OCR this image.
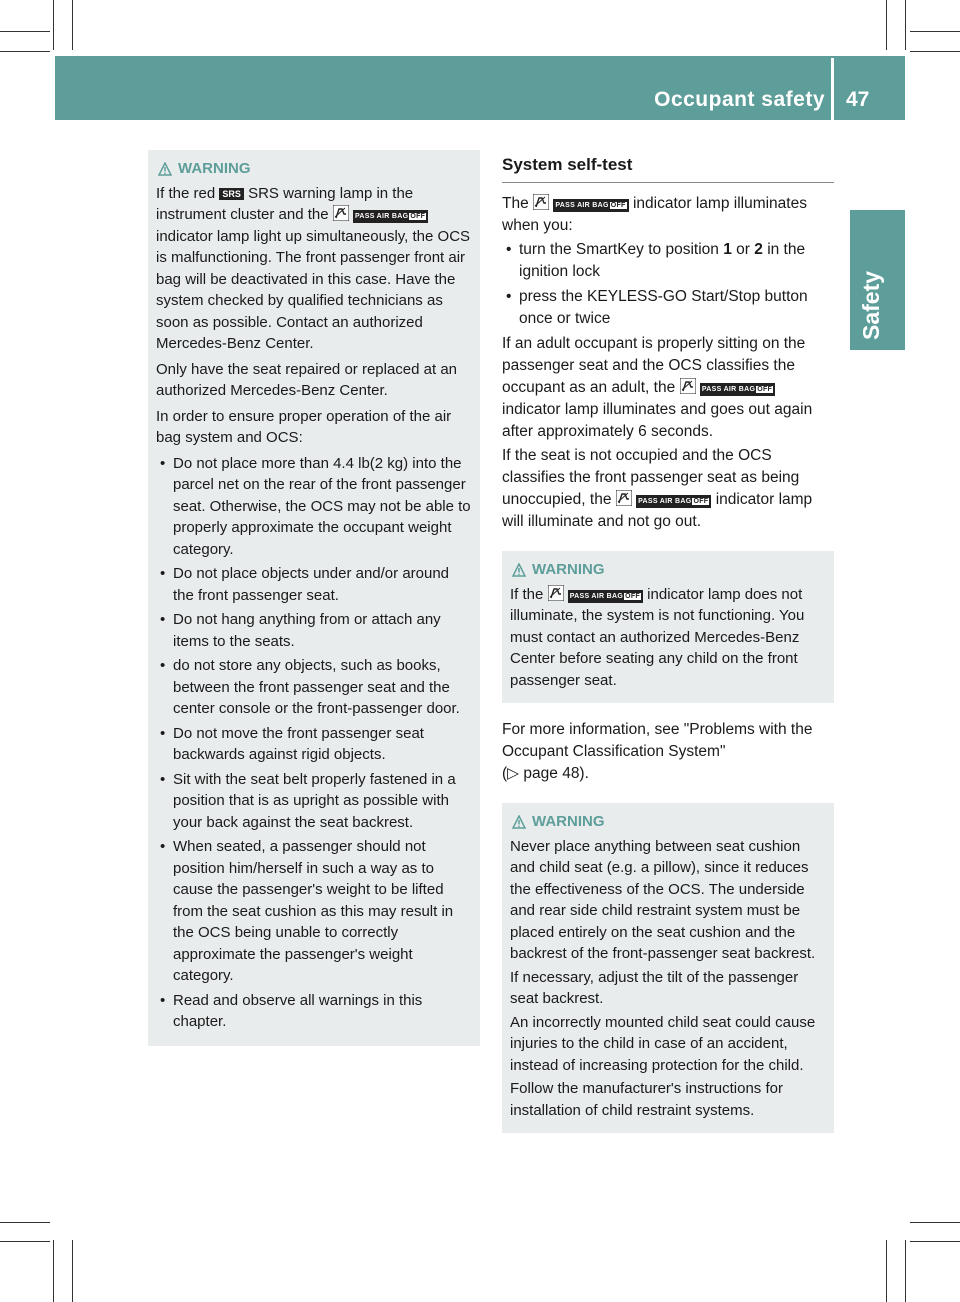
Occupant safety 47
Safety
WARNING

If the red SRS SRS warning lamp in the instrument cluster and the	PASS AIR BAG OFF indicator lamp light up simultaneously, the OCS is malfunctioning. The front passenger front air bag will be deactivated in this case. Have the system checked by qualified technicians as soon as possible. Contact an authorized Mercedes-Benz Center.

Only have the seat repaired or replaced at an authorized Mercedes-Benz Center.

In order to ensure proper operation of the air bag system and OCS:

• Do not place more than 4.4 lb(2 kg) into the parcel net on the rear of the front passenger seat. Otherwise, the OCS may not be able to properly approximate the occupant weight category.
• Do not place objects under and/or around the front passenger seat.
• Do not hang anything from or attach any items to the seats.
• do not store any objects, such as books, between the front passenger seat and the center console or the front-passenger door.
• Do not move the front passenger seat backwards against rigid objects.
• Sit with the seat belt properly fastened in a position that is as upright as possible with your back against the seat backrest.
• When seated, a passenger should not position him/herself in such a way as to cause the passenger's weight to be lifted from the seat cushion as this may result in the OCS being unable to correctly approximate the passenger's weight category.
• Read and observe all warnings in this chapter.
System self-test

The	PASS AIR BAG OFF indicator lamp illuminates when you:

• turn the SmartKey to position 1 or 2 in the ignition lock
• press the KEYLESS-GO Start/Stop button once or twice

If an adult occupant is properly sitting on the passenger seat and the OCS classifies the occupant as an adult, the	PASS AIR BAG OFF indicator lamp illuminates and goes out again after approximately 6 seconds.

If the seat is not occupied and the OCS classifies the front passenger seat as being unoccupied, the	PASS AIR BAG OFF indicator lamp will illuminate and not go out.

WARNING

If the	PASS AIR BAG OFF indicator lamp does not illuminate, the system is not functioning. You must contact an authorized Mercedes-Benz Center before seating any child on the front passenger seat.

For more information, see "Problems with the Occupant Classification System"
(▷ page 48).

WARNING

Never place anything between seat cushion and child seat (e.g. a pillow), since it reduces the effectiveness of the OCS. The underside and rear side child restraint system must be placed entirely on the seat cushion and the backrest of the front-passenger seat backrest.

If necessary, adjust the tilt of the passenger seat backrest.

An incorrectly mounted child seat could cause injuries to the child in case of an accident, instead of increasing protection for the child.

Follow the manufacturer's instructions for installation of child restraint systems.
